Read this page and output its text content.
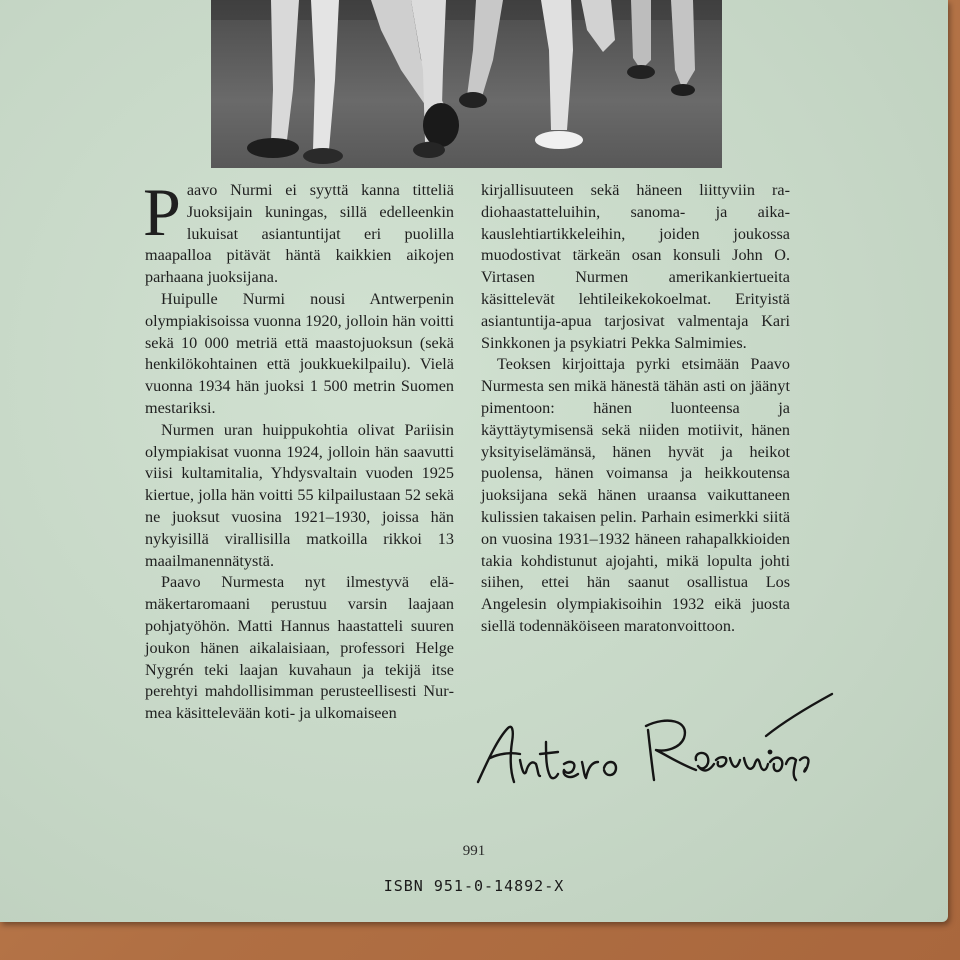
Paavo Nurmi ei syyttä kanna titteliä Juoksijain kuningas, sillä edelleenkin lukuisat asiantuntijat eri puolilla maapalloa pitävät häntä kaikkien aikojen parhaana juoksijana.

Huipulle Nurmi nousi Antwerpenin olympiakisoissa vuonna 1920, jolloin hän voitti sekä 10 000 metriä että maastojuoksun (sekä henkilökohtainen että joukkuekilpailu). Vielä vuonna 1934 hän juoksi 1 500 metrin Suomen mestariksi.

Nurmen uran huippukohtia olivat Pariisin olympiakisat vuonna 1924, jolloin hän saavutti viisi kultamitalia, Yhdysvaltain vuoden 1925 kiertue, jolla hän voitti 55 kilpailustaan 52 sekä ne juoksut vuosina 1921–1930, joissa hän nykyisillä virallisilla matkoilla rikkoi 13 maailmanennätystä.

Paavo Nurmesta nyt ilmestyvä elämäkertaromaani perustuu varsin laajaan pohjatyöhön. Matti Hannus haastatteli suuren joukon hänen aikalaisiaan, professori Helge Nygrén teki laajan kuvahaun ja tekijä itse perehtyi mahdollisimman perusteellisesti Nurmea käsittelevään koti- ja ulkomaiseen

kirjallisuuteen sekä häneen liittyviin radiohaastatteluihin, sanoma- ja aikakauslehtiartikkeleihin, joiden joukossa muodostivat tärkeän osan konsuli John O. Virtasen Nurmen amerikankiertueita käsittelevät lehtileikekokoelmat. Erityistä asiantuntija-apua tarjosivat valmentaja Kari Sinkkonen ja psykiatri Pekka Salmimies.

Teoksen kirjoittaja pyrki etsimään Paavo Nurmesta sen mikä hänestä tähän asti on jäänyt pimentoon: hänen luonteensa ja käyttäytymisensä sekä niiden motiivit, hänen yksityiselämänsä, hänen hyvät ja heikot puolensa, hänen voimansa ja heikkoutensa juoksijana sekä hänen uraansa vaikuttaneen kulissien takaisen pelin. Parhain esimerkki siitä on vuosina 1931–1932 häneen rahapalkkioiden takia kohdistunut ajojahti, mikä lopulta johti siihen, ettei hän saanut osallistua Los Angelesin olympiakisoihin 1932 eikä juosta siellä todennäköiseen maratonvoittoon.

991
ISBN 951-0-14892-X
